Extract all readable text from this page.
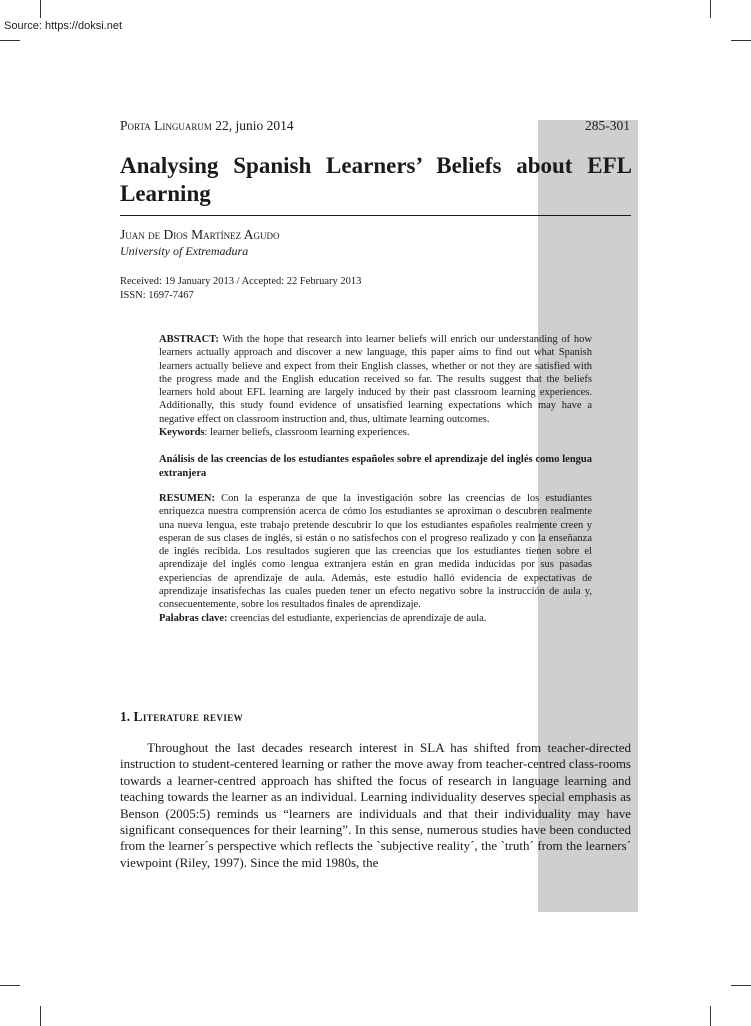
Source: https://doksi.net
Porta Linguarum 22, junio 2014	285-301
Analysing Spanish Learners’ Beliefs about EFL Learning
Juan de Dios Martínez Agudo
University of Extremadura
Received: 19 January 2013 / Accepted: 22 February 2013
ISSN: 1697-7467

ABSTRACT: With the hope that research into learner beliefs will enrich our understanding of how learners actually approach and discover a new language, this paper aims to find out what Spanish learners actually believe and expect from their English classes, whether or not they are satisfied with the progress made and the English education received so far. The results suggest that the beliefs learners hold about EFL learning are largely induced by their past classroom learning experiences. Additionally, this study found evidence of unsatisfied learning expectations which may have a negative effect on classroom instruction and, thus, ultimate learning outcomes.

Keywords: learner beliefs, classroom learning experiences.

Análisis de las creencias de los estudiantes españoles sobre el aprendizaje del inglés como lengua extranjera

RESUMEN: Con la esperanza de que la investigación sobre las creencias de los estudiantes enriquezca nuestra comprensión acerca de cómo los estudiantes se aproximan o descubren realmente una nueva lengua, este trabajo pretende descubrir lo que los estudiantes españoles realmente creen y esperan de sus clases de inglés, si están o no satisfechos con el progreso realizado y con la enseñanza de inglés recibida. Los resultados sugieren que las creencias que los estudiantes tienen sobre el aprendizaje del inglés como lengua extranjera están en gran medida inducidas por sus pasadas experiencias de aprendizaje de aula. Además, este estudio halló evidencia de expectativas de aprendizaje insatisfechas las cuales pueden tener un efecto negativo sobre la instrucción de aula y, consecuentemente, sobre los resultados finales de aprendizaje.

Palabras clave: creencias del estudiante, experiencias de aprendizaje de aula.

1. Literature review

Throughout the last decades research interest in SLA has shifted from teacher-directed instruction to student-centered learning or rather the move away from teacher-centred class-rooms towards a learner-centred approach has shifted the focus of research in language learning and teaching towards the learner as an individual. Learning individuality deserves special emphasis as Benson (2005:5) reminds us “learners are individuals and that their individuality may have significant consequences for their learning”. In this sense, numerous studies have been conducted from the learner´s perspective which reflects the `subjective reality´, the `truth´ from the learners´ viewpoint (Riley, 1997). Since the mid 1980s, the
